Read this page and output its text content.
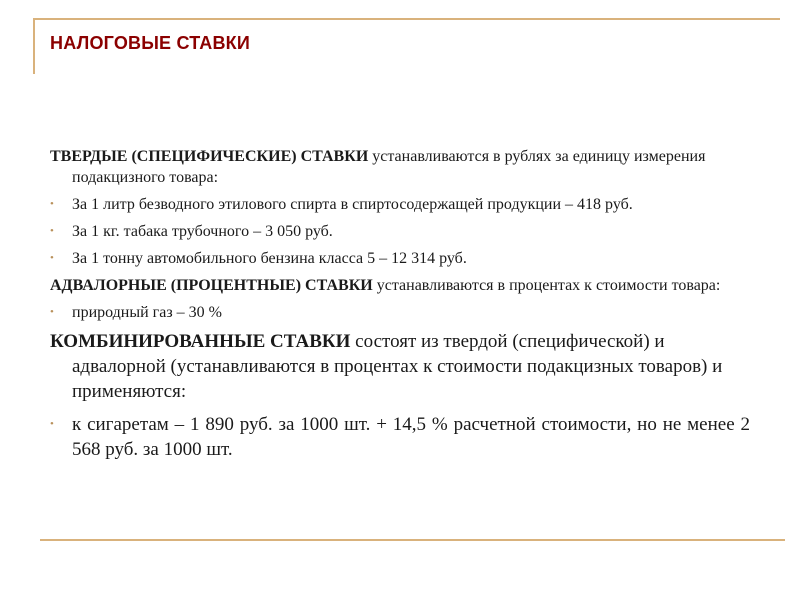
НАЛОГОВЫЕ СТАВКИ

ТВЕРДЫЕ (СПЕЦИФИЧЕСКИЕ) СТАВКИ устанавливаются в рублях за единицу измерения подакцизного товара:

•	За 1 литр безводного этилового спирта в спиртосодержащей продукции – 418 руб.
•	За 1 кг. табака трубочного – 3 050 руб.
•	За 1 тонну автомобильного бензина класса 5 – 12 314 руб.

АДВАЛОРНЫЕ (ПРОЦЕНТНЫЕ) СТАВКИ устанавливаются в процентах к стоимости товара:

•	природный газ – 30 %

КОМБИНИРОВАННЫЕ СТАВКИ состоят из твердой (специфической) и адвалорной (устанавливаются в процентах к стоимости подакцизных товаров) и применяются:

• к сигаретам – 1 890 руб. за 1000 шт. + 14,5 % расчетной стоимости, но не менее 2 568 руб. за 1000 шт.
